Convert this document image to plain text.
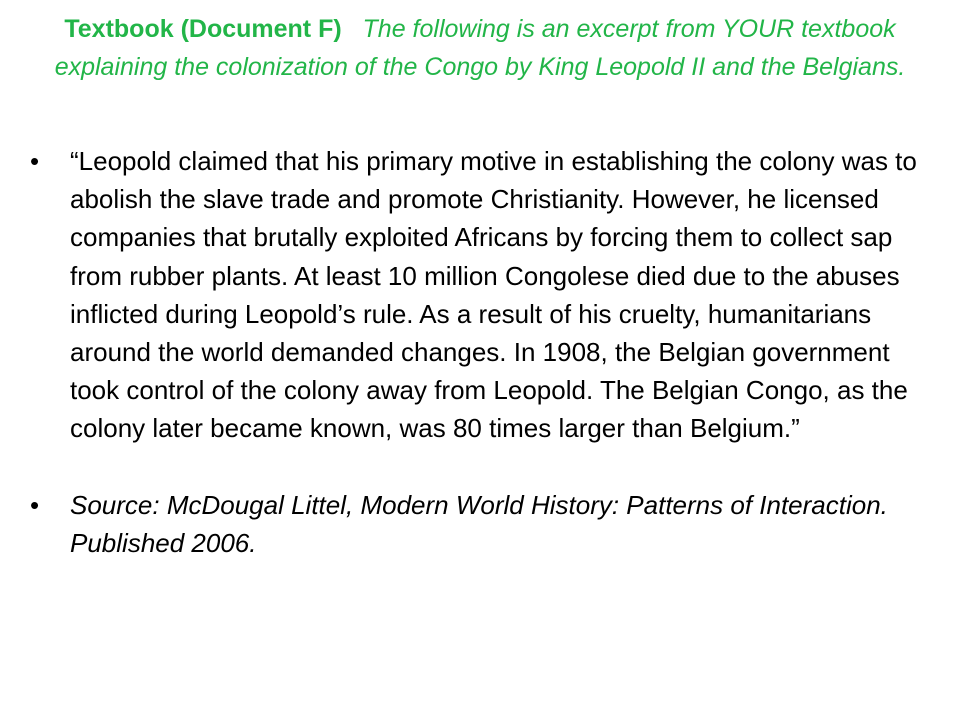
Textbook (Document F) The following is an excerpt from YOUR textbook explaining the colonization of the Congo by King Leopold II and the Belgians.
• “Leopold claimed that his primary motive in establishing the colony was to abolish the slave trade and promote Christianity. However, he licensed companies that brutally exploited Africans by forcing them to collect sap from rubber plants. At least 10 million Congolese died due to the abuses inflicted during Leopold’s rule. As a result of his cruelty, humanitarians around the world demanded changes. In 1908, the Belgian government took control of the colony away from Leopold. The Belgian Congo, as the colony later became known, was 80 times larger than Belgium.”
• Source: McDougal Littel, Modern World History: Patterns of Interaction. Published 2006.
